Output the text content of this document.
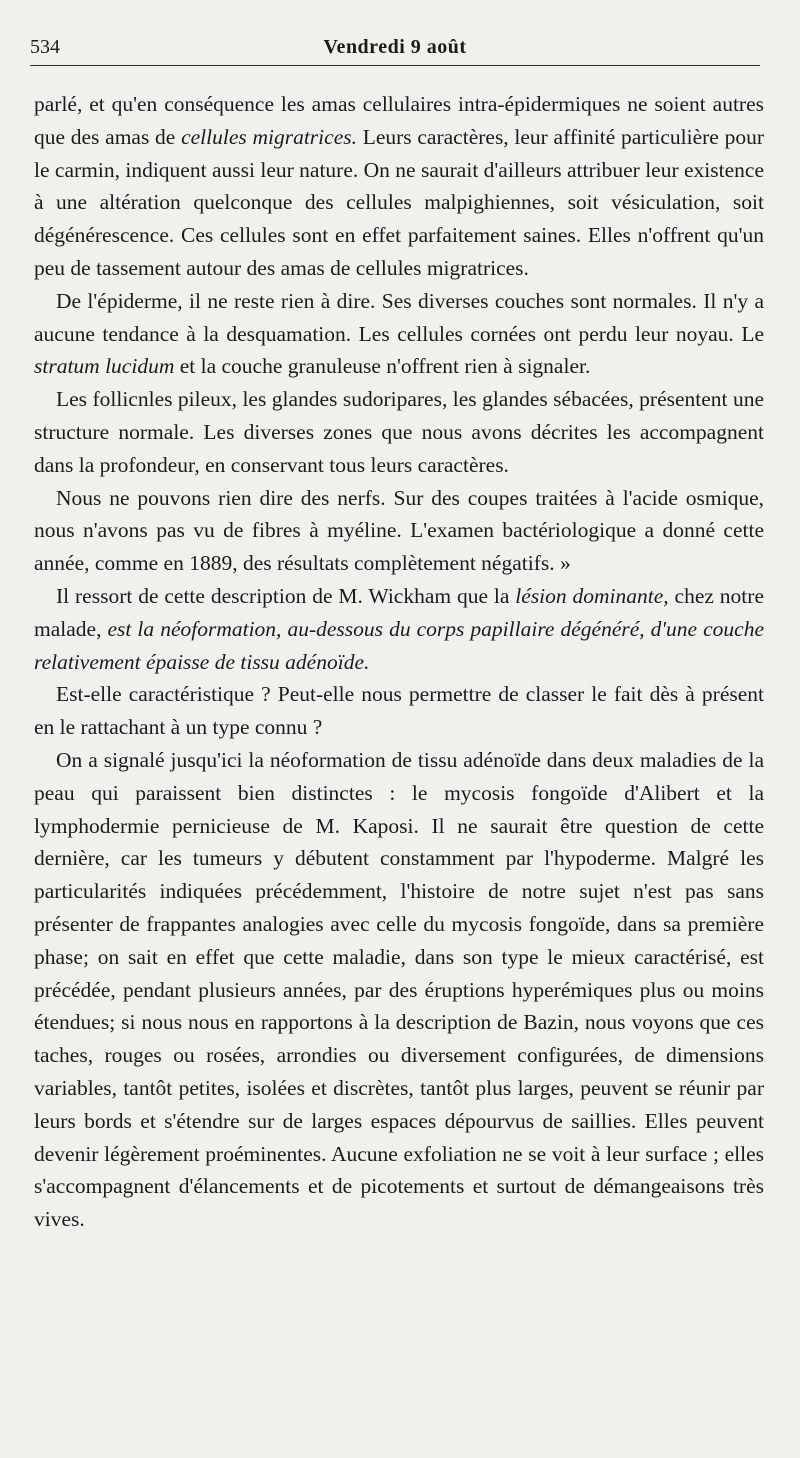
534	Vendredi 9 août

parlé, et qu'en conséquence les amas cellulaires intra-épidermiques ne soient autres que des amas de cellules migratrices. Leurs caractères, leur affinité particulière pour le carmin, indiquent aussi leur nature. On ne saurait d'ailleurs attribuer leur existence à une altération quelconque des cellules malpighiennes, soit vésiculation, soit dégénérescence. Ces cellules sont en effet parfaitement saines. Elles n'offrent qu'un peu de tassement autour des amas de cellules migratrices.

De l'épiderme, il ne reste rien à dire. Ses diverses couches sont normales. Il n'y a aucune tendance à la desquamation. Les cellules cornées ont perdu leur noyau. Le stratum lucidum et la couche granuleuse n'offrent rien à signaler.

Les follicnles pileux, les glandes sudoripares, les glandes sébacées, présentent une structure normale. Les diverses zones que nous avons décrites les accompagnent dans la profondeur, en conservant tous leurs caractères.

Nous ne pouvons rien dire des nerfs. Sur des coupes traitées à l'acide osmique, nous n'avons pas vu de fibres à myéline. L'examen bactériologique a donné cette année, comme en 1889, des résultats complètement négatifs. »

Il ressort de cette description de M. Wickham que la lésion dominante, chez notre malade, est la néoformation, au-dessous du corps papillaire dégénéré, d'une couche relativement épaisse de tissu adénoïde.

Est-elle caractéristique ? Peut-elle nous permettre de classer le fait dès à présent en le rattachant à un type connu ?

On a signalé jusqu'ici la néoformation de tissu adénoïde dans deux maladies de la peau qui paraissent bien distinctes : le mycosis fongoïde d'Alibert et la lymphodermie pernicieuse de M. Kaposi. Il ne saurait être question de cette dernière, car les tumeurs y débutent constamment par l'hypoderme. Malgré les particularités indiquées précédemment, l'histoire de notre sujet n'est pas sans présenter de frappantes analogies avec celle du mycosis fongoïde, dans sa première phase; on sait en effet que cette maladie, dans son type le mieux caractérisé, est précédée, pendant plusieurs années, par des éruptions hyperémiques plus ou moins étendues; si nous nous en rapportons à la description de Bazin, nous voyons que ces taches, rouges ou rosées, arrondies ou diversement configurées, de dimensions variables, tantôt petites, isolées et discrètes, tantôt plus larges, peuvent se réunir par leurs bords et s'étendre sur de larges espaces dépourvus de saillies. Elles peuvent devenir légèrement proéminentes. Aucune exfoliation ne se voit à leur surface ; elles s'accompagnent d'élancements et de picotements et surtout de démangeaisons très vives.
